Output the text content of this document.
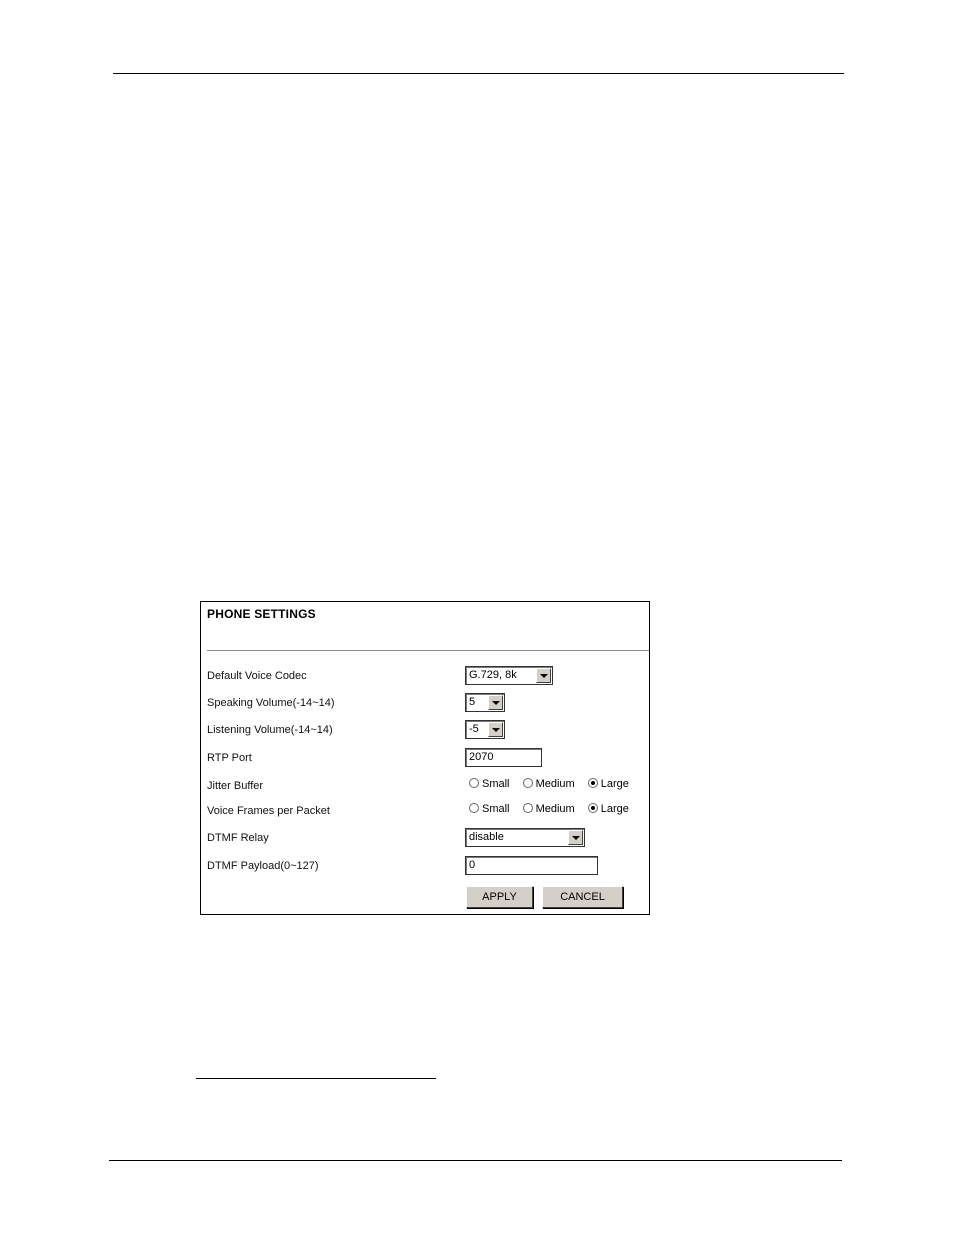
PHONE SETTINGS
Default Voice Codec	G.729, 8k
Speaking Volume(-14~14)	5
Listening Volume(-14~14)	-5
RTP Port	2070
Jitter Buffer	Small Medium Large
Voice Frames per Packet	Small Medium Large
DTMF Relay	disable
DTMF Payload(0~127)	0
APPLY	CANCEL
